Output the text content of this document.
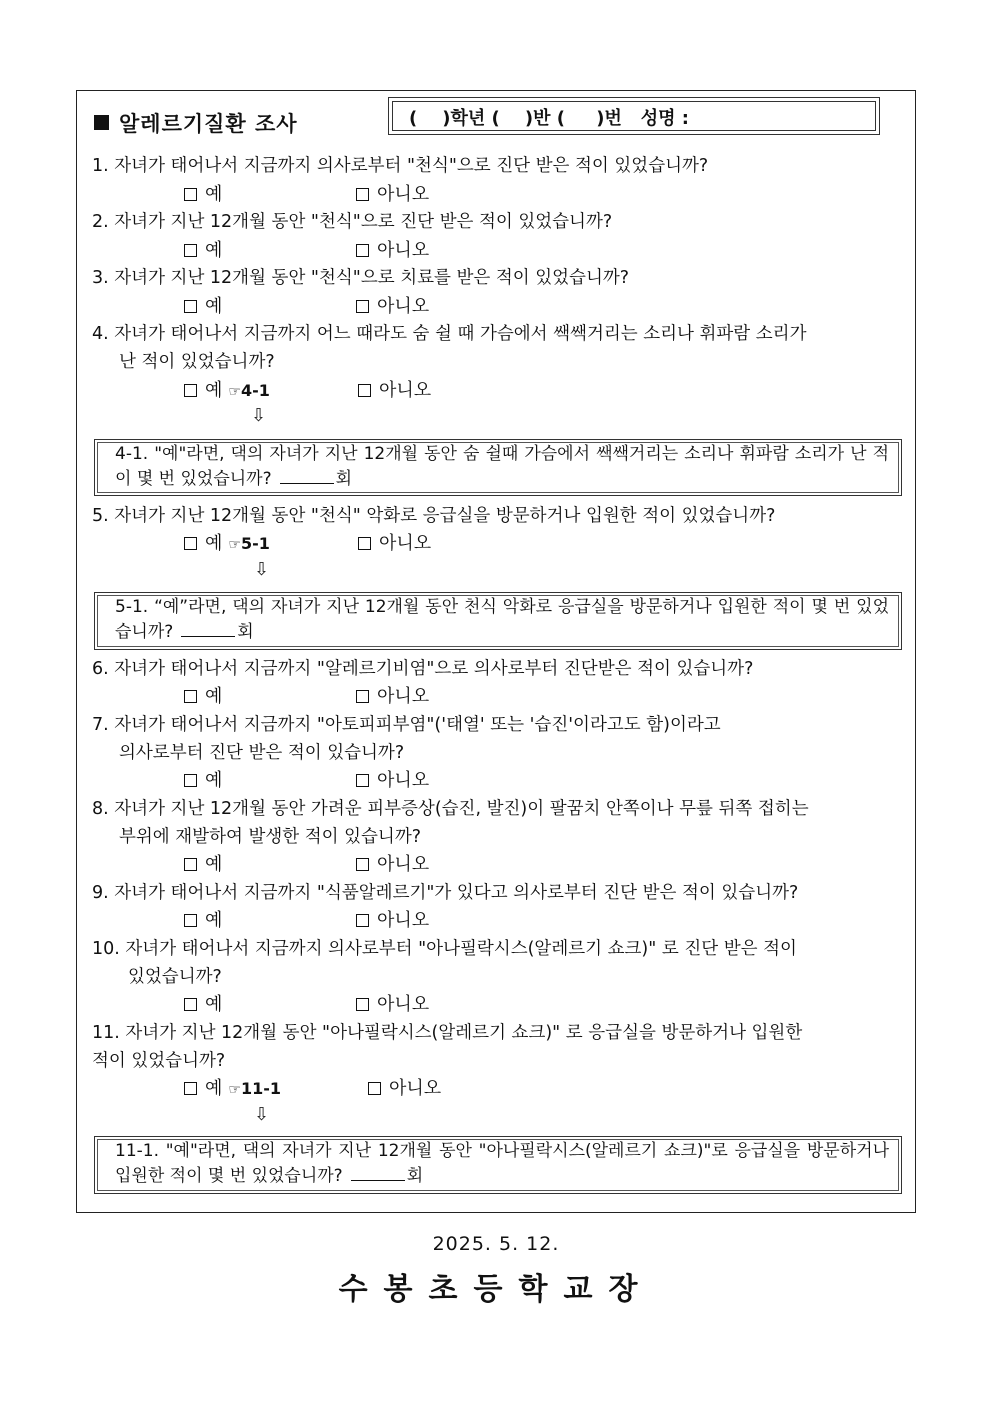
알레르기질환 조사	(    )학년 (    )반 (     )번   성명 :
1. 자녀가 태어나서 지금까지 의사로부터 "천식"으로 진단 받은 적이 있었습니까?
예	아니오
2. 자녀가 지난 12개월 동안 "천식"으로 진단 받은 적이 있었습니까?
예	아니오
3. 자녀가 지난 12개월 동안 "천식"으로 치료를 받은 적이 있었습니까?
예	아니오
4. 자녀가 태어나서 지금까지 어느 때라도 숨 쉴 때 가슴에서 쌕쌕거리는 소리나 휘파람 소리가
난 적이 있었습니까?
예 ☞4-1	아니오
⇩
4-1. "예"라면, 댁의 자녀가 지난 12개월 동안 숨 쉴때 가슴에서 쌕쌕거리는 소리나 휘파람 소리가 난 적이 몇 번 있었습니까?	회
5. 자녀가 지난 12개월 동안 "천식" 악화로 응급실을 방문하거나 입원한 적이 있었습니까?
예 ☞5-1	아니오
⇩
5-1. “예”라면, 댁의 자녀가 지난 12개월 동안 천식 악화로 응급실을 방문하거나 입원한 적이 몇 번 있었습니까?	회
6. 자녀가 태어나서 지금까지 "알레르기비염"으로 의사로부터 진단받은 적이 있습니까?
예	아니오
7. 자녀가 태어나서 지금까지 "아토피피부염"('태열' 또는 '습진'이라고도 함)이라고
의사로부터 진단 받은 적이 있습니까?
예	아니오
8. 자녀가 지난 12개월 동안 가려운 피부증상(습진, 발진)이 팔꿈치 안쪽이나 무릎 뒤쪽 접히는
부위에 재발하여 발생한 적이 있습니까?
예	아니오
9. 자녀가 태어나서 지금까지 "식품알레르기"가 있다고 의사로부터 진단 받은 적이 있습니까?
예	아니오
10. 자녀가 태어나서 지금까지 의사로부터 "아나필락시스(알레르기 쇼크)" 로 진단 받은 적이
있었습니까?
예	아니오
11. 자녀가 지난 12개월 동안 "아나필락시스(알레르기 쇼크)" 로 응급실을 방문하거나 입원한
적이 있었습니까?
예 ☞11-1	아니오
⇩
11-1. "예"라면, 댁의 자녀가 지난 12개월 동안 "아나필락시스(알레르기 쇼크)"로 응급실을 방문하거나 입원한 적이 몇 번 있었습니까?	회
2025. 5. 12.
수봉초등학교장
